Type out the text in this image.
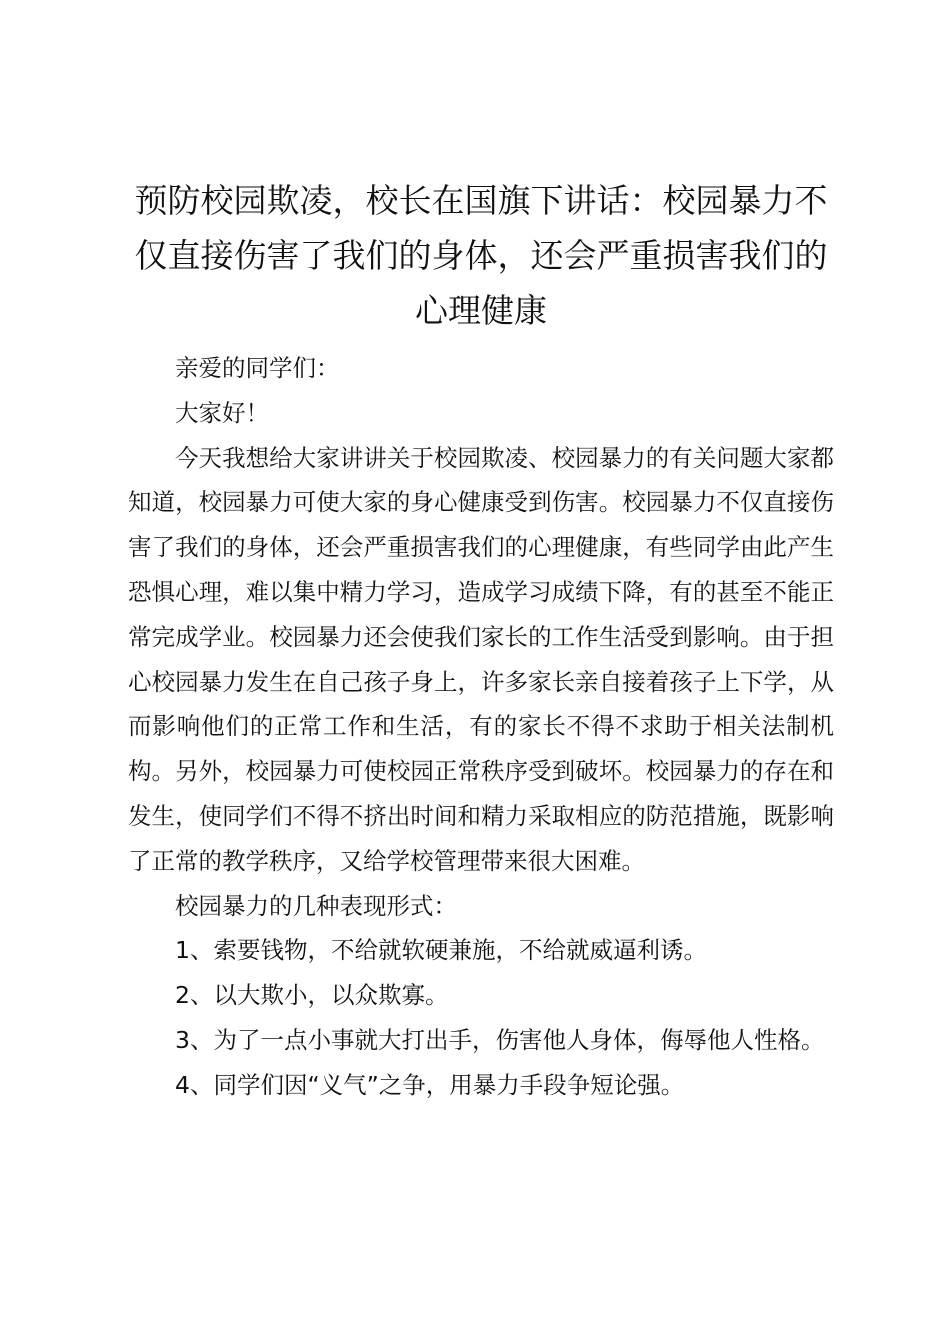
预防校园欺凌，校长在国旗下讲话：校园暴力不仅直接伤害了我们的身体，还会严重损害我们的心理健康

亲爱的同学们：

大家好！

今天我想给大家讲讲关于校园欺凌、校园暴力的有关问题大家都知道，校园暴力可使大家的身心健康受到伤害。校园暴力不仅直接伤害了我们的身体，还会严重损害我们的心理健康，有些同学由此产生恐惧心理，难以集中精力学习，造成学习成绩下降，有的甚至不能正常完成学业。校园暴力还会使我们家长的工作生活受到影响。由于担心校园暴力发生在自己孩子身上，许多家长亲自接着孩子上下学，从而影响他们的正常工作和生活，有的家长不得不求助于相关法制机构。另外，校园暴力可使校园正常秩序受到破坏。校园暴力的存在和发生，使同学们不得不挤出时间和精力采取相应的防范措施，既影响了正常的教学秩序，又给学校管理带来很大困难。

校园暴力的几种表现形式：

1、索要钱物，不给就软硬兼施，不给就威逼利诱。

2、以大欺小，以众欺寡。

3、为了一点小事就大打出手，伤害他人身体，侮辱他人性格。

4、同学们因“义气”之争，用暴力手段争短论强。
